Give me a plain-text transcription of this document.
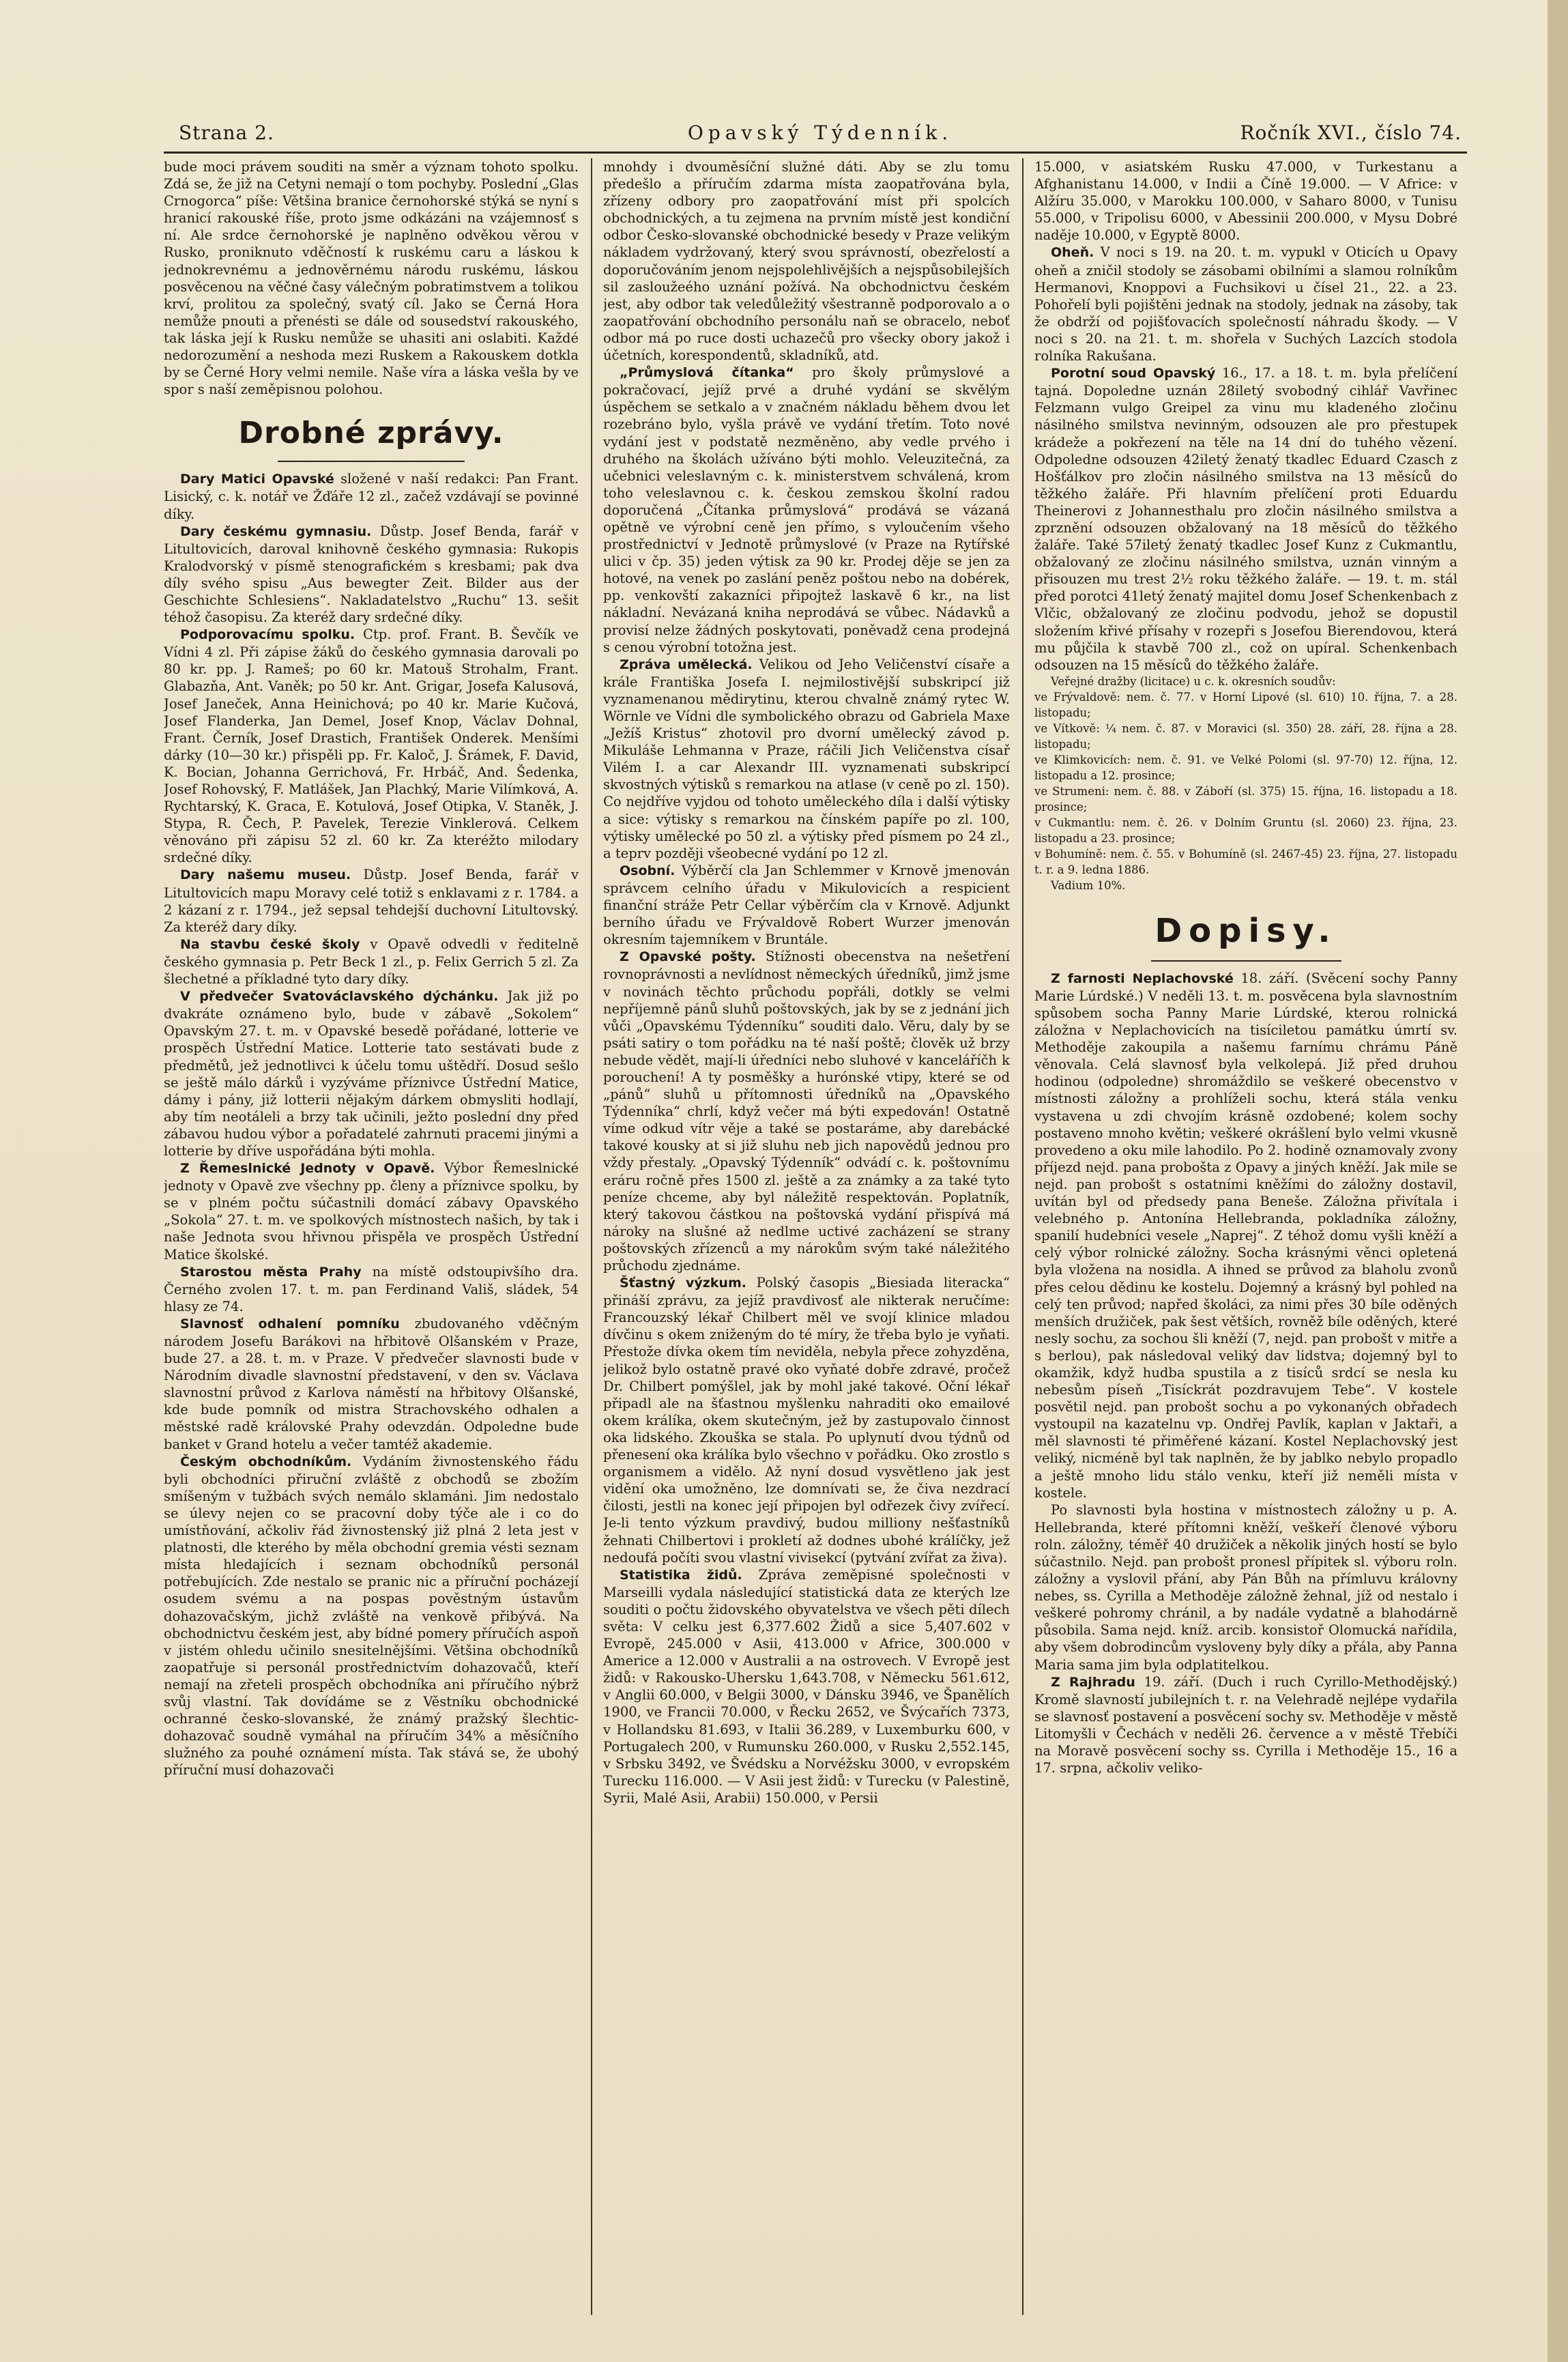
Strana 2.	Opavský Týdenník.	Ročník XVI., číslo 74.

bude moci právem souditi na směr a význam tohoto spolku. Zdá se, že již na Cetyni nemají o tom pochyby. Poslední „Glas Crnogorca“ píše: Většina branice černohorské stýká se nyní s hranicí rakouské říše, proto jsme odkázáni na vzájemnosť s ní. Ale srdce černohorské je naplněno odvěkou věrou v Rusko, proniknuto vděčností k ruskému caru a láskou k jednokrevnému a jednověrnému národu ruskému, láskou posvěcenou na věčné časy válečným pobratimstvem a tolikou krví, prolitou za společný, svatý cíl. Jako se Černá Hora nemůže pnouti a přenésti se dále od sousedství rakouského, tak láska její k Rusku nemůže se uhasiti ani oslabiti. Každé nedorozumění a neshoda mezi Ruskem a Rakouskem dotkla by se Černé Hory velmi nemile. Naše víra a láska vešla by ve spor s naší zeměpisnou polohou.

Drobné zprávy.

Dary Matici Opavské složené v naší redakci: Pan Frant. Lisický, c. k. notář ve Žďáře 12 zl., začež vzdávají se povinné díky.

Dary českému gymnasiu. Důstp. Josef Benda, farář v Litultovicích, daroval knihovně českého gymnasia: Rukopis Kralodvorský v písmě stenografickém s kresbami; pak dva díly svého spisu „Aus bewegter Zeit. Bilder aus der Geschichte Schlesiens“. Nakladatelstvo „Ruchu“ 13. sešit téhož časopisu. Za kteréž dary srdečné díky.

Podporovacímu spolku. Ctp. prof. Frant. B. Ševčík ve Vídni 4 zl. Při zápise žáků do českého gymnasia darovali po 80 kr. pp. J. Rameš; po 60 kr. Matouš Strohalm, Frant. Glabazňa, Ant. Vaněk; po 50 kr. Ant. Grigar, Josefa Kalusová, Josef Janeček, Anna Heinichová; po 40 kr. Marie Kučová, Josef Flanderka, Jan Demel, Josef Knop, Václav Dohnal, Frant. Černík, Josef Drastich, František Onderek. Menšími dárky (10—30 kr.) přispěli pp. Fr. Kaloč, J. Šrámek, F. David, K. Bocian, Johanna Gerrichová, Fr. Hrbáč, And. Šedenka, Josef Rohovský, F. Matlášek, Jan Plachký, Marie Vilímková, A. Rychtarský, K. Graca, E. Kotulová, Josef Otipka, V. Staněk, J. Stypa, R. Čech, P. Pavelek, Terezie Vinklerová. Celkem věnováno při zápisu 52 zl. 60 kr. Za kteréžto milodary srdečné díky.

Dary našemu museu. Důstp. Josef Benda, farář v Litultovicích mapu Moravy celé totiž s enklavami z r. 1784. a 2 kázaní z r. 1794., jež sepsal tehdejší duchovní Litultovský. Za kteréž dary díky.

Na stavbu české školy v Opavě odvedli v ředitelně českého gymnasia p. Petr Beck 1 zl., p. Felix Gerrich 5 zl. Za šlechetné a příkladné tyto dary díky.

V předvečer Svatováclavského dýchánku. Jak již po dvakráte oznámeno bylo, bude v zábavě „Sokolem“ Opavským 27. t. m. v Opavské besedě pořádané, lotterie ve prospěch Ústřední Matice. Lotterie tato sestávati bude z předmětů, jež jednotlivci k účelu tomu uštědří. Dosud sešlo se ještě málo dárků i vyzýváme příznivce Ústřední Matice, dámy i pány, již lotterii nějakým dárkem obmysliti hodlají, aby tím neotáleli a brzy tak učinili, ježto poslední dny před zábavou hudou výbor a pořadatelé zahrnuti pracemi jinými a lotterie by dříve uspořádána býti mohla.

Z Řemeslnické Jednoty v Opavě. Výbor Řemeslnické jednoty v Opavě zve všechny pp. členy a příznivce spolku, by se v plném počtu súčastnili domácí zábavy Opavského „Sokola“ 27. t. m. ve spolkových místnostech našich, by tak i naše Jednota svou hřivnou přispěla ve prospěch Ústřední Matice školské.

Starostou města Prahy na místě odstoupivšího dra. Černého zvolen 17. t. m. pan Ferdinand Vališ, sládek, 54 hlasy ze 74.

Slavnosť odhalení pomníku zbudovaného vděčným národem Josefu Barákovi na hřbitově Olšanském v Praze, bude 27. a 28. t. m. v Praze. V předvečer slavnosti bude v Národním divadle slavnostní představení, v den sv. Václava slavnostní průvod z Karlova náměstí na hřbitovy Olšanské, kde bude pomník od mistra Strachovského odhalen a městské radě královské Prahy odevzdán. Odpoledne bude banket v Grand hotelu a večer tamtéž akademie.

Českým obchodníkům. Vydáním živnostenského řádu byli obchodníci přiruční zvláště z obchodů se zbožím smíšeným v tužbách svých nemálo sklamáni. Jim nedostalo se úlevy nejen co se pracovní doby týče ale i co do umístňování, ačkoliv řád živnostenský již plná 2 leta jest v platnosti, dle kterého by měla obchodní gremia vésti seznam místa hledajících i seznam obchodníků personál potřebujících. Zde nestalo se pranic nic a příruční pocházejí osudem svému a na pospas pověstným ústavům dohazovačským, jichž zvláště na venkově přibývá. Na obchodnictvu českém jest, aby bídné pomery příručích aspoň v jistém ohledu učinilo snesitelnějšími. Většina obchodníků zaopatřuje si personál prostřednictvím dohazovačů, kteří nemají na zřeteli prospěch obchodníka ani příručího nýbrž svůj vlastní. Tak dovídáme se z Věstníku obchodnické ochranné česko-slovanské, že známý pražský šlechtic-dohazovač soudně vymáhal na příručím 34% a měsíčního služného za pouhé oznámení místa. Tak stává se, že ubohý příruční musí dohazovači

mnohdy i dvouměsíční služné dáti. Aby se zlu tomu předešlo a příručím zdarma místa zaopatřována byla, zřízeny odbory pro zaopatřování míst při spolcích obchodnických, a tu zejmena na prvním místě jest kondiční odbor Česko-slovanské obchodnické besedy v Praze velikým nákladem vydržovaný, který svou správností, obezřelostí a doporučováním jenom nejspolehlivějších a nejspůsobilejších sil zasloužeého uznání požívá. Na obchodnictvu českém jest, aby odbor tak veledůležitý všestranně podporovalo a o zaopatřování obchodního personálu naň se obracelo, neboť odbor má po ruce dosti uchazečů pro všecky obory jakož i účetních, korespondentů, skladníků, atd.

„Průmyslová čítanka“ pro školy průmyslové a pokračovací, jejíž prvé a druhé vydání se skvělým úspěchem se setkalo a v značném nákladu během dvou let rozebráno bylo, vyšla právě ve vydání třetím. Toto nové vydání jest v podstatě nezměněno, aby vedle prvého i druhého na školách užíváno býti mohlo. Veleuzitečná, za učebnici veleslavným c. k. ministerstvem schválená, krom toho veleslavnou c. k. českou zemskou školní radou doporučená „Čítanka průmyslová“ prodává se vázaná opětně ve výrobní ceně jen přímo, s vyloučením všeho prostřednictví v Jednotě průmyslové (v Praze na Rytířské ulici v čp. 35) jeden výtisk za 90 kr. Prodej děje se jen za hotové, na venek po zaslání peněz poštou nebo na dobérek, pp. venkovští zakazníci připojtež laskavě 6 kr., na list nákladní. Nevázaná kniha neprodává se vůbec. Nádavků a provisí nelze žádných poskytovati, poněvadž cena prodejná s cenou výrobní totožna jest.

Zpráva umělecká. Velikou od Jeho Veličenství císaře a krále Františka Josefa I. nejmilostivější subskripcí již vyznamenanou mědirytinu, kterou chvalně známý rytec W. Wörnle ve Vídni dle symbolického obrazu od Gabriela Maxe „Ježíš Kristus“ zhotovil pro dvorní umělecký závod p. Mikuláše Lehmanna v Praze, ráčili Jich Veličenstva císař Vilém I. a car Alexandr III. vyznamenati subskripcí skvostných výtisků s remarkou na atlase (v ceně po zl. 150). Co nejdříve vyjdou od tohoto uměleckého díla i další výtisky a sice: výtisky s remarkou na čínském papíře po zl. 100, výtisky umělecké po 50 zl. a výtisky před písmem po 24 zl., a teprv později všeobecné vydání po 12 zl.

Osobní. Výběrčí cla Jan Schlemmer v Krnově jmenován správcem celního úřadu v Mikulovicích a respicient finanční stráže Petr Cellar výběrčím cla v Krnově. Adjunkt berního úřadu ve Frývaldově Robert Wurzer jmenován okresním tajemníkem v Bruntále.

Z Opavské pošty. Stížnosti obecenstva na nešetření rovnoprávnosti a nevlídnost německých úředníků, jimž jsme v novinách těchto průchodu popřáli, dotkly se velmi nepříjemně pánů sluhů poštovských, jak by se z jednání jich vůči „Opavskému Týdenníku“ souditi dalo. Věru, daly by se psáti satiry o tom pořádku na té naší poště; člověk už brzy nebude vědět, mají-li úředníci nebo sluhové v kanceláříčh k porouchení! A ty posměšky a hurónské vtipy, které se od „pánů“ sluhů u přítomnosti úředníků na „Opavského Týdenníka“ chrlí, když večer má býti expedován! Ostatně víme odkud vítr věje a také se postaráme, aby darebácké takové kousky at si již sluhu neb jich napovědů jednou pro vždy přestaly. „Opavský Týdenník“ odvádí c. k. poštovnímu eráru ročně přes 1500 zl. ještě a za známky a za také tyto peníze chceme, aby byl náležitě respektován. Poplatník, který takovou částkou na poštovská vydání přispívá má nároky na slušné až nedlme uctivé zacházení se strany poštovských zřízenců a my nárokům svým také náležitého průchodu zjednáme.

Šťastný výzkum. Polský časopis „Biesiada literacka“ přináší zprávu, za jejíž pravdivosť ale nikterak neručíme: Francouzský lékař Chilbert měl ve svojí klinice mladou dívčinu s okem zniženým do té míry, že třeba bylo je vyňati. Přestože dívka okem tím neviděla, nebyla přece zohyzděna, jelikož bylo ostatně pravé oko vyňaté dobře zdravé, pročež Dr. Chilbert pomýšlel, jak by mohl jaké takové. Oční lékař připadl ale na šťastnou myšlenku nahraditi oko emailové okem králíka, okem skutečným, jež by zastupovalo činnost oka lidského. Zkouška se stala. Po uplynutí dvou týdnů od přenesení oka králíka bylo všechno v pořádku. Oko zrostlo s organismem a vidělo. Až nyní dosud vysvětleno jak jest vidění oka umožněno, lze domnívati se, že čiva nezdrací čilosti, jestli na konec její připojen byl odřezek čivy zvířecí. Je-li tento výzkum pravdivý, budou milliony nešťastníků žehnati Chilbertovi i prokletí až dodnes ubohé králíčky, jež nedoufá počíti svou vlastní vivisekcí (pytvání zvířat za živa).

Statistika židů. Zpráva zeměpisné společnosti v Marseilli vydala následující statistická data ze kterých lze souditi o počtu židovského obyvatelstva ve všech pěti dílech světa: V celku jest 6,377.602 Židů a sice 5,407.602 v Evropě, 245.000 v Asii, 413.000 v Africe, 300.000 v Americe a 12.000 v Australii a na ostrovech. V Evropě jest židů: v Rakousko-Uhersku 1,643.708, v Německu 561.612, v Anglii 60.000, v Belgii 3000, v Dánsku 3946, ve Španělích 1900, ve Francii 70.000, v Řecku 2652, ve Švýcařích 7373, v Hollandsku 81.693, v Italii 36.289, v Luxemburku 600, v Portugalech 200, v Rumunsku 260.000, v Rusku 2,552.145, v Srbsku 3492, ve Švédsku a Norvéžsku 3000, v evropském Turecku 116.000. — V Asii jest židů: v Turecku (v Palestině, Syrii, Malé Asii, Arabii) 150.000, v Persii

15.000, v asiatském Rusku 47.000, v Turkestanu a Afghanistanu 14.000, v Indii a Číně 19.000. — V Africe: v Alžíru 35.000, v Marokku 100.000, v Saharo 8000, v Tunisu 55.000, v Tripolisu 6000, v Abessinii 200.000, v Mysu Dobré naděje 10.000, v Egyptě 8000.

Oheň. V noci s 19. na 20. t. m. vypukl v Oticích u Opavy oheň a zničil stodoly se zásobami obilními a slamou rolníkům Hermanovi, Knoppovi a Fuchsikovi u čísel 21., 22. a 23. Pohořelí byli pojištěni jednak na stodoly, jednak na zásoby, tak že obdrží od pojišťovacích společností náhradu škody. — V noci s 20. na 21. t. m. shořela v Suchých Lazcích stodola rolníka Rakušana.

Porotní soud Opavský 16., 17. a 18. t. m. byla přelíčení tajná. Dopoledne uznán 28iletý svobodný cihlář Vavřinec Felzmann vulgo Greipel za vinu mu kladeného zločinu násilného smilstva nevinným, odsouzen ale pro přestupek krádeže a pokřezení na těle na 14 dní do tuhého vězení. Odpoledne odsouzen 42iletý ženatý tkadlec Eduard Czasch z Hošťálkov pro zločin násilného smilstva na 13 měsíců do těžkého žaláře. Při hlavním přelíčení proti Eduardu Theinerovi z Johannesthalu pro zločin násilného smilstva a zprznění odsouzen obžalovaný na 18 měsíců do těžkého žaláře. Také 57iletý ženatý tkadlec Josef Kunz z Cukmantlu, obžalovaný ze zločinu násilného smilstva, uznán vinným a přisouzen mu trest 2½ roku těžkého žaláře. — 19. t. m. stál před porotci 41letý ženatý majitel domu Josef Schenkenbach z Vlčic, obžalovaný ze zločinu podvodu, jehož se dopustil složením křivé přísahy v rozepři s Josefou Bierendovou, která mu půjčila k stavbě 700 zl., což on upíral. Schenkenbach odsouzen na 15 měsíců do těžkého žaláře.

Veřejné dražby (licitace) u c. k. okresních soudův:

ve Frývaldově: nem. č. 77. v Horní Lipové (sl. 610) 10. října, 7. a 28. listopadu;

ve Vítkově: ¼ nem. č. 87. v Moravici (sl. 350) 28. září, 28. října a 28. listopadu;

ve Klimkovicích: nem. č. 91. ve Velké Polomi (sl. 97-70) 12. října, 12. listopadu a 12. prosince;

ve Strumeni: nem. č. 88. v Záboří (sl. 375) 15. října, 16. listopadu a 18. prosince;

v Cukmantlu: nem. č. 26. v Dolním Gruntu (sl. 2060) 23. října, 23. listopadu a 23. prosince;

v Bohumíně: nem. č. 55. v Bohumíně (sl. 2467-45) 23. října, 27. listopadu t. r. a 9. ledna 1886.

Vadium 10%.

Dopisy.

Z farnosti Neplachovské 18. září. (Svěcení sochy Panny Marie Lúrdské.) V neděli 13. t. m. posvěcena byla slavnostním spůsobem socha Panny Marie Lúrdské, kterou rolnická záložna v Neplachovicích na tisíciletou památku úmrtí sv. Methoděje zakoupila a našemu farnímu chrámu Páně věnovala. Celá slavnosť byla velkolepá. Již před druhou hodinou (odpoledne) shromáždilo se veškeré obecenstvo v místnosti záložny a prohlíželi sochu, která stála venku vystavena u zdi chvojím krásně ozdobené; kolem sochy postaveno mnoho květin; veškeré okrášlení bylo velmi vkusně provedeno a oku mile lahodilo. Po 2. hodině oznamovaly zvony příjezd nejd. pana probošta z Opavy a jiných kněží. Jak mile se nejd. pan probošt s ostatními kněžími do záložny dostavil, uvítán byl od předsedy pana Beneše. Záložna přivítala i velebného p. Antonína Hellebranda, pokladníka záložny, spanilí hudebníci vesele „Naprej“. Z téhož domu vyšli kněží a celý výbor rolnické záložny. Socha krásnými věnci opletená byla vložena na nosidla. A ihned se průvod za blaholu zvonů přes celou dědinu ke kostelu. Dojemný a krásný byl pohled na celý ten průvod; napřed školáci, za nimi přes 30 bíle oděných menších družiček, pak šest větších, rovněž bíle oděných, které nesly sochu, za sochou šli kněží (7, nejd. pan probošt v mitře a s berlou), pak následoval veliký dav lidstva; dojemný byl to okamžik, když hudba spustila a z tisíců srdcí se nesla ku nebesům píseň „Tisíckrát pozdravujem Tebe“. V kostele posvětil nejd. pan probošt sochu a po vykonaných obřadech vystoupil na kazatelnu vp. Ondřej Pavlík, kaplan v Jaktaři, a měl slavnosti té přiměřené kázaní. Kostel Neplachovský jest veliký, nicméně byl tak naplněn, že by jablko nebylo propadlo a ještě mnoho lidu stálo venku, kteří již neměli místa v kostele.

Po slavnosti byla hostina v místnostech záložny u p. A. Hellebranda, které přítomni kněží, veškeří členové výboru roln. záložny, téměř 40 družiček a několik jiných hostí se bylo súčastnilo. Nejd. pan probošt pronesl přípitek sl. výboru roln. záložny a vyslovil přání, aby Pán Bůh na přímluvu královny nebes, ss. Cyrilla a Methoděje záložně žehnal, jíž od nestalo i veškeré pohromy chránil, a by nadále vydatně a blahodárně působila. Sama nejd. kníž. arcib. konsistoř Olomucká nařídila, aby všem dobrodincům vysloveny byly díky a přála, aby Panna Maria sama jim byla odplatitelkou.

Z Rajhradu 19. září. (Duch i ruch Cyrillo-Methodějský.) Kromě slavností jubilejních t. r. na Velehradě nejlépe vydařila se slavnosť postavení a posvěcení sochy sv. Methoděje v městě Litomyšli v Čechách v neděli 26. července a v městě Třebíči na Moravě posvěcení sochy ss. Cyrilla i Methoděje 15., 16 a 17. srpna, ačkoliv veliko-
